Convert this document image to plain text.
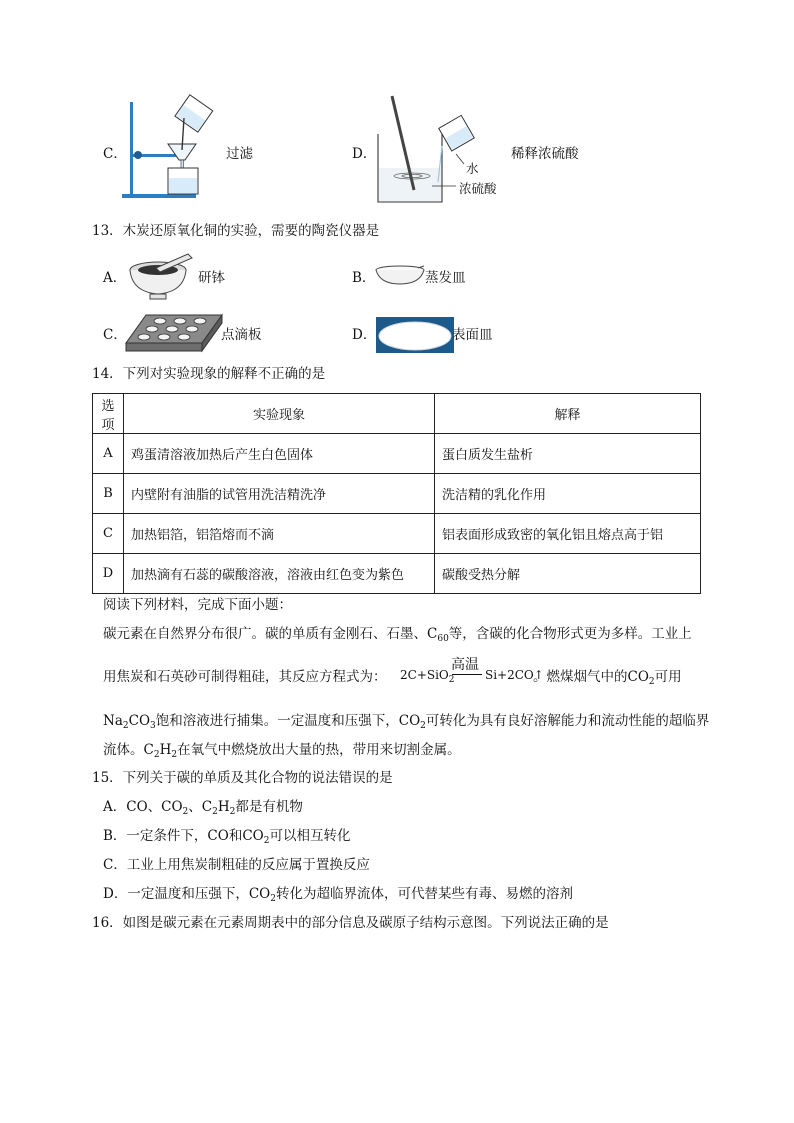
C．	过滤	D．
水
浓硫酸
稀释浓硫酸
13．木炭还原氧化铜的实验，需要的陶瓷仪器是
A．	研钵	B．	蒸发皿
C．	点滴板	D．	表面皿
14．下列对实验现象的解释不正确的是
选项	实验现象	解释
A	鸡蛋清溶液加热后产生白色固体	蛋白质发生盐析
B	内壁附有油脂的试管用洗洁精洗净	洗洁精的乳化作用
C	加热铝箔，铝箔熔而不滴	铝表面形成致密的氧化铝且熔点高于铝
D	加热滴有石蕊的碳酸溶液，溶液由红色变为紫色	碳酸受热分解
阅读下列材料，完成下面小题：
碳元素在自然界分布很广。碳的单质有金刚石、石墨、$C_{60}$等，含碳的化合物形式更为多样。工业上
用焦炭和石英砂可制得粗硅，其反应方程式为： 2C+SiO$_2$
高温
Si+2CO↑
。燃煤烟气中的$CO_2$可用
$Na_2CO_3$饱和溶液进行捕集。一定温度和压强下，$CO_2$可转化为具有良好溶解能力和流动性能的超临界
流体。$C_2H_2$在氧气中燃烧放出大量的热，带用来切割金属。
15．下列关于碳的单质及其化合物的说法错误的是
A．CO、$CO_2$、$C_2H_2$都是有机物
B．一定条件下，CO和$CO_2$可以相互转化
C．工业上用焦炭制粗硅的反应属于置换反应
D．一定温度和压强下，$CO_2$转化为超临界流体，可代替某些有毒、易燃的溶剂
16．如图是碳元素在元素周期表中的部分信息及碳原子结构示意图。下列说法正确的是
